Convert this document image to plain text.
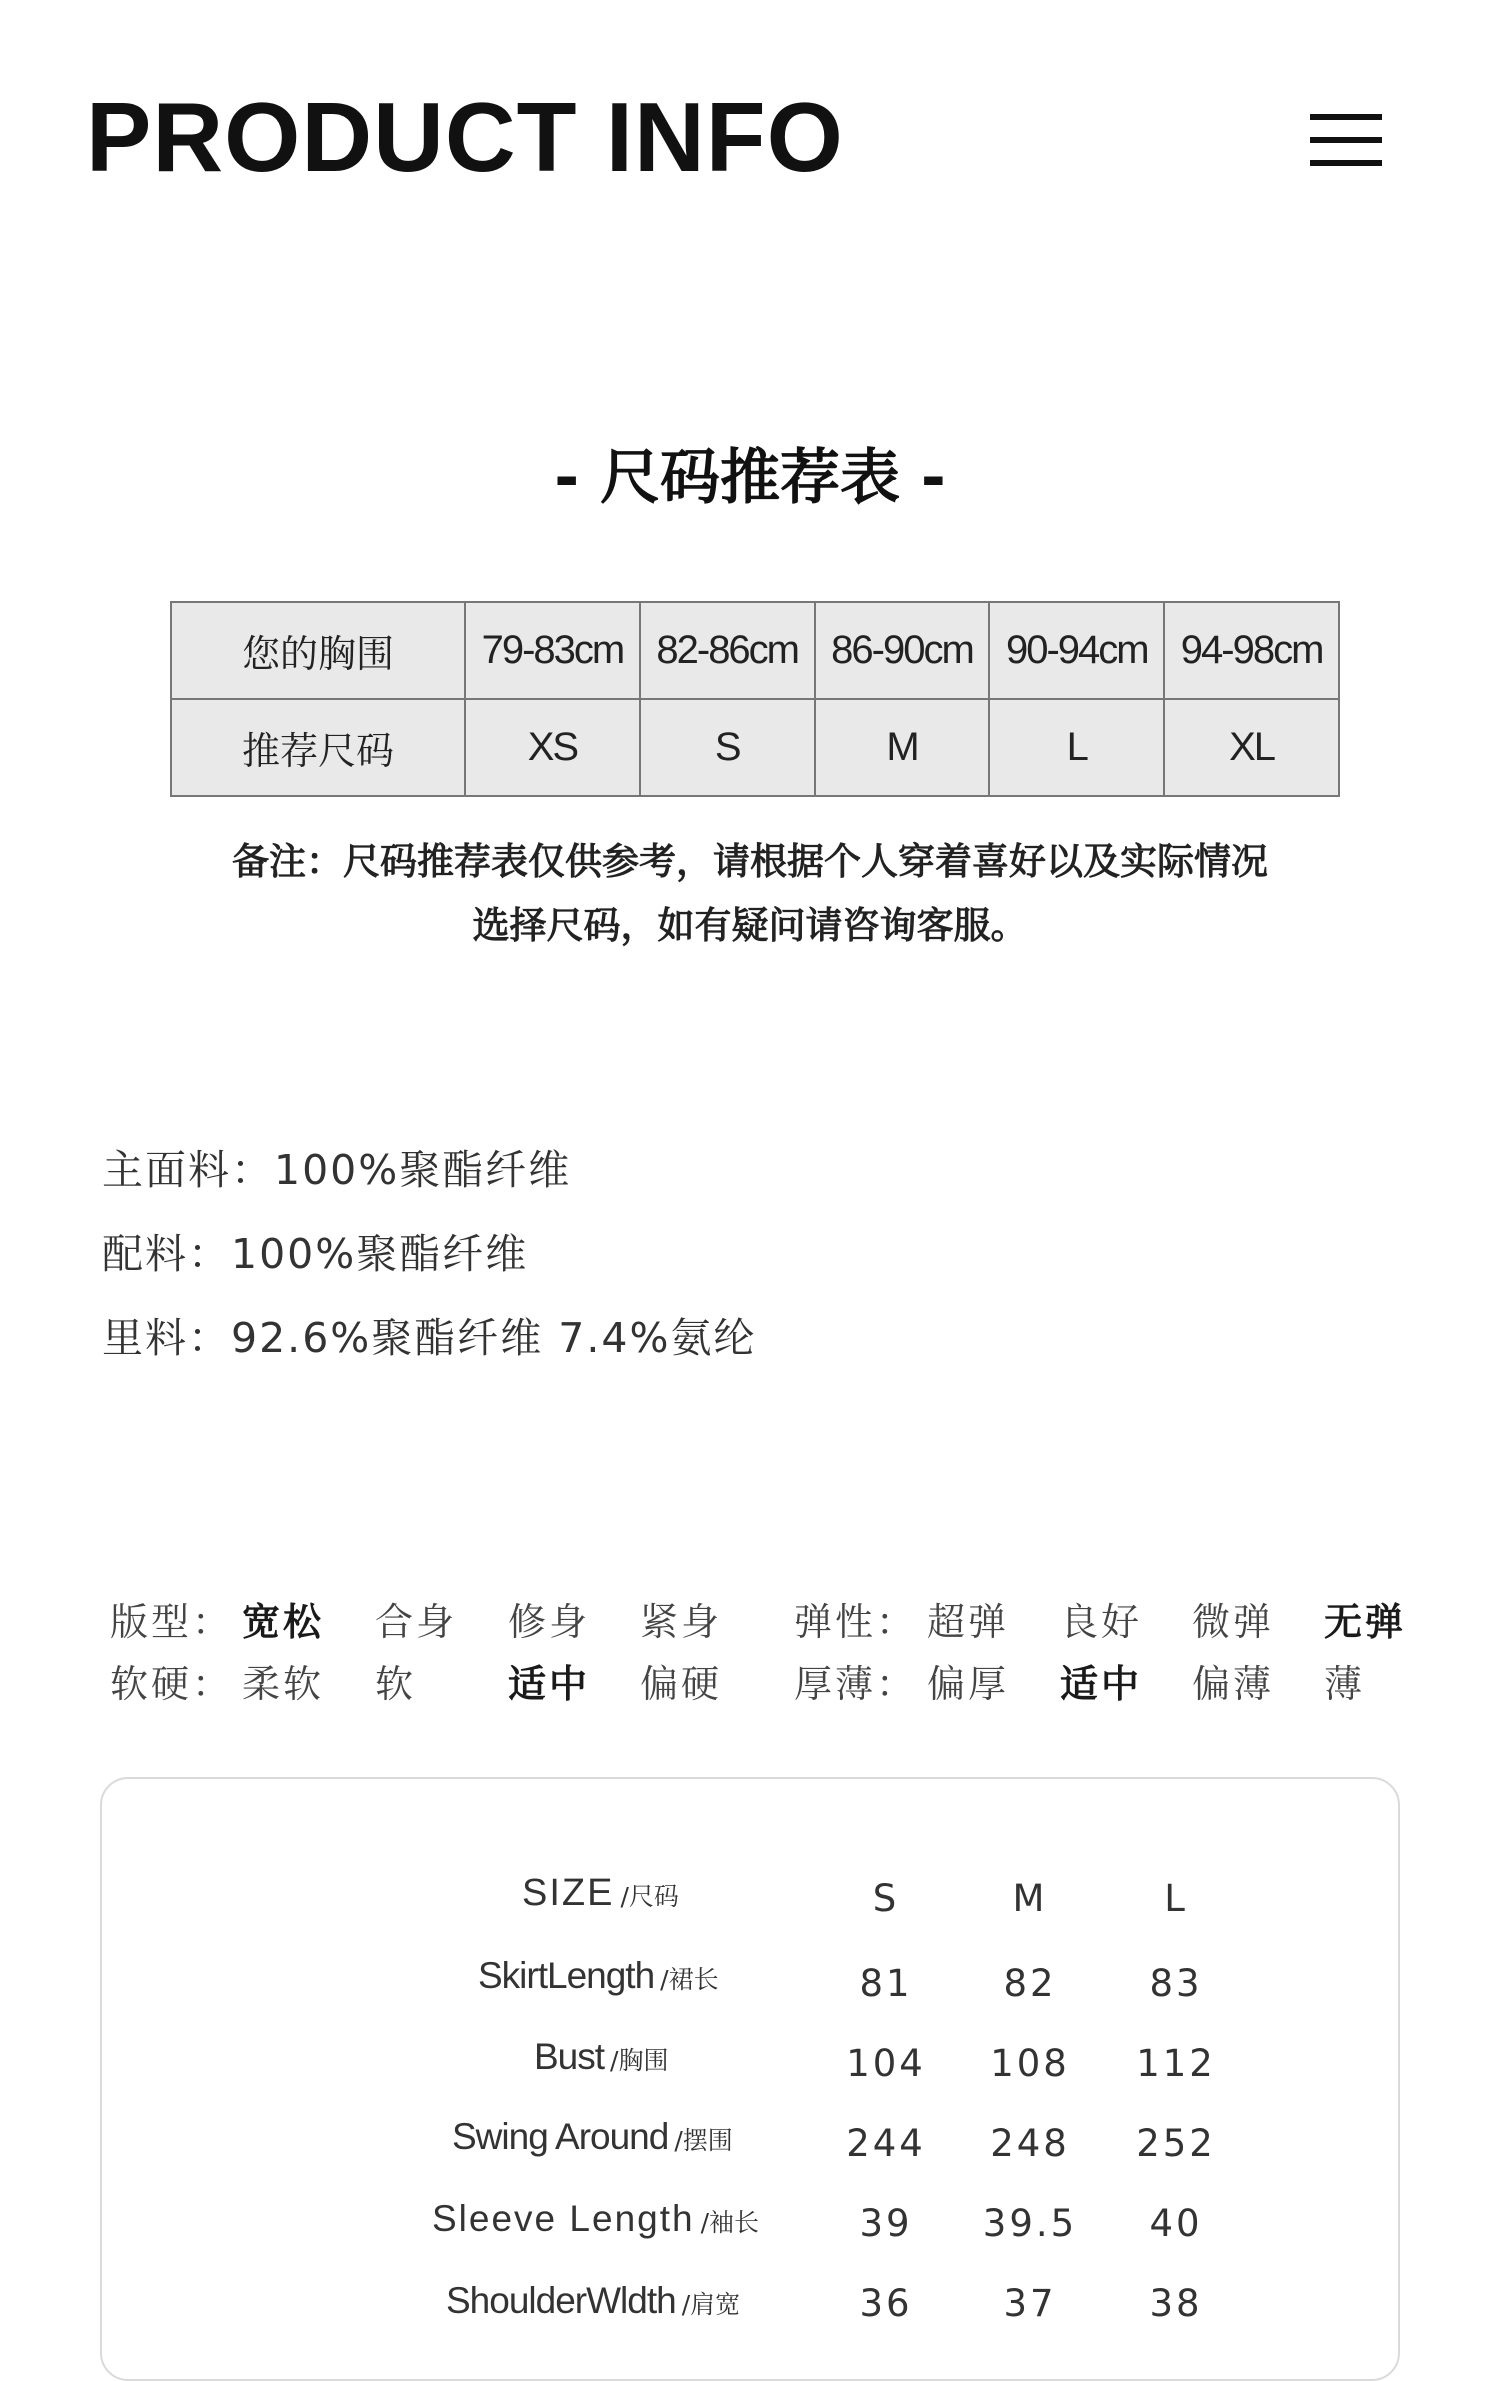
PRODUCT INFO
- 尺码推荐表 -
您的胸围	79-83cm	82-86cm	86-90cm	90-94cm	94-98cm
推荐尺码	XS	S	M	L	XL
备注：尺码推荐表仅供参考，请根据个人穿着喜好以及实际情况
选择尺码，如有疑问请咨询客服。
主面料：100%聚酯纤维
配料：100%聚酯纤维
里料：92.6%聚酯纤维 7.4%氨纶
版型： 宽松 合身 修身 紧身 弹性： 超弹 良好 微弹 无弹
软硬： 柔软 软 适中 偏硬 厚薄： 偏厚 适中 偏薄 薄
SIZE /尺码	S	M	L
SkirtLength /裙长	81	82	83
Bust /胸围	104	108	112
Swing Around /摆围	244	248	252
Sleeve Length /袖长	39	39.5	40
ShoulderWldth /肩宽	36	37	38
